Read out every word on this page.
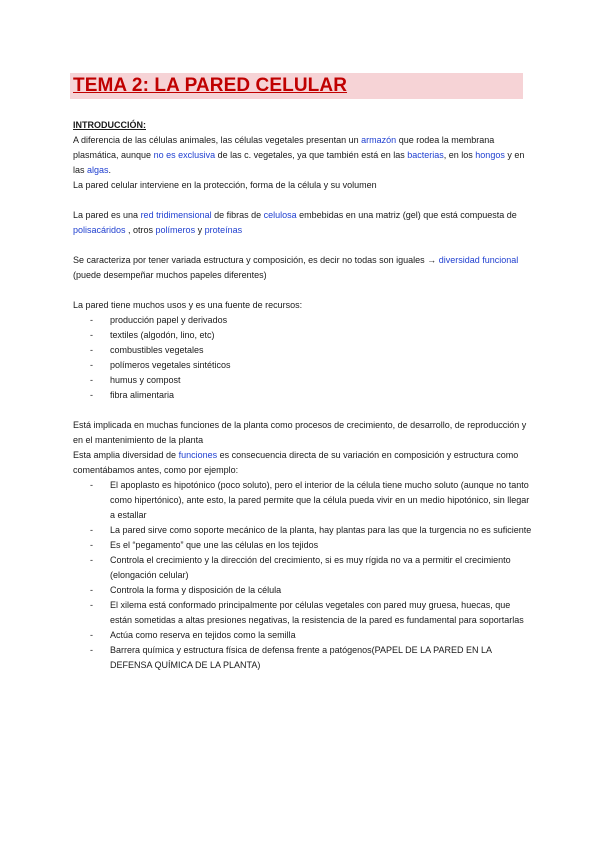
TEMA 2: LA PARED CELULAR

INTRODUCCIÓN:

A diferencia de las células animales, las células vegetales presentan un armazón que rodea la membrana plasmática, aunque no es exclusiva de las c. vegetales, ya que también está en las bacterias, en los hongos y en las algas.

La pared celular interviene en la protección, forma de la célula y su volumen

La pared es una red tridimensional de fibras de celulosa embebidas en una matriz (gel) que está compuesta de polisacáridos , otros polímeros y proteínas

Se caracteriza por tener variada estructura y composición, es decir no todas son iguales → diversidad funcional (puede desempeñar muchos papeles diferentes)

La pared tiene muchos usos y es una fuente de recursos:

- producción papel y derivados
- textiles (algodón, lino, etc)
- combustibles vegetales
- polímeros vegetales sintéticos
- humus y compost
- fibra alimentaria

Está implicada en muchas funciones de la planta como procesos de crecimiento, de desarrollo, de reproducción y en el mantenimiento de la planta

Esta amplia diversidad de funciones es consecuencia directa de su variación en composición y estructura como comentábamos antes, como por ejemplo:

- El apoplasto es hipotónico (poco soluto), pero el interior de la célula tiene mucho soluto (aunque no tanto como hipertónico), ante esto, la pared permite que la célula pueda vivir en un medio hipotónico, sin llegar a estallar
- La pared sirve como soporte mecánico de la planta, hay plantas para las que la turgencia no es suficiente
- Es el “pegamento” que une las células en los tejidos
- Controla el crecimiento y la dirección del crecimiento, si es muy rígida no va a permitir el crecimiento (elongación celular)
- Controla la forma y disposición de la célula
- El xilema está conformado principalmente por células vegetales con pared muy gruesa, huecas, que están sometidas a altas presiones negativas, la resistencia de la pared es fundamental para soportarlas
- Actúa como reserva en tejidos como la semilla
- Barrera química y estructura física de defensa frente a patógenos(PAPEL DE LA PARED EN LA DEFENSA QUÍMICA DE LA PLANTA)
